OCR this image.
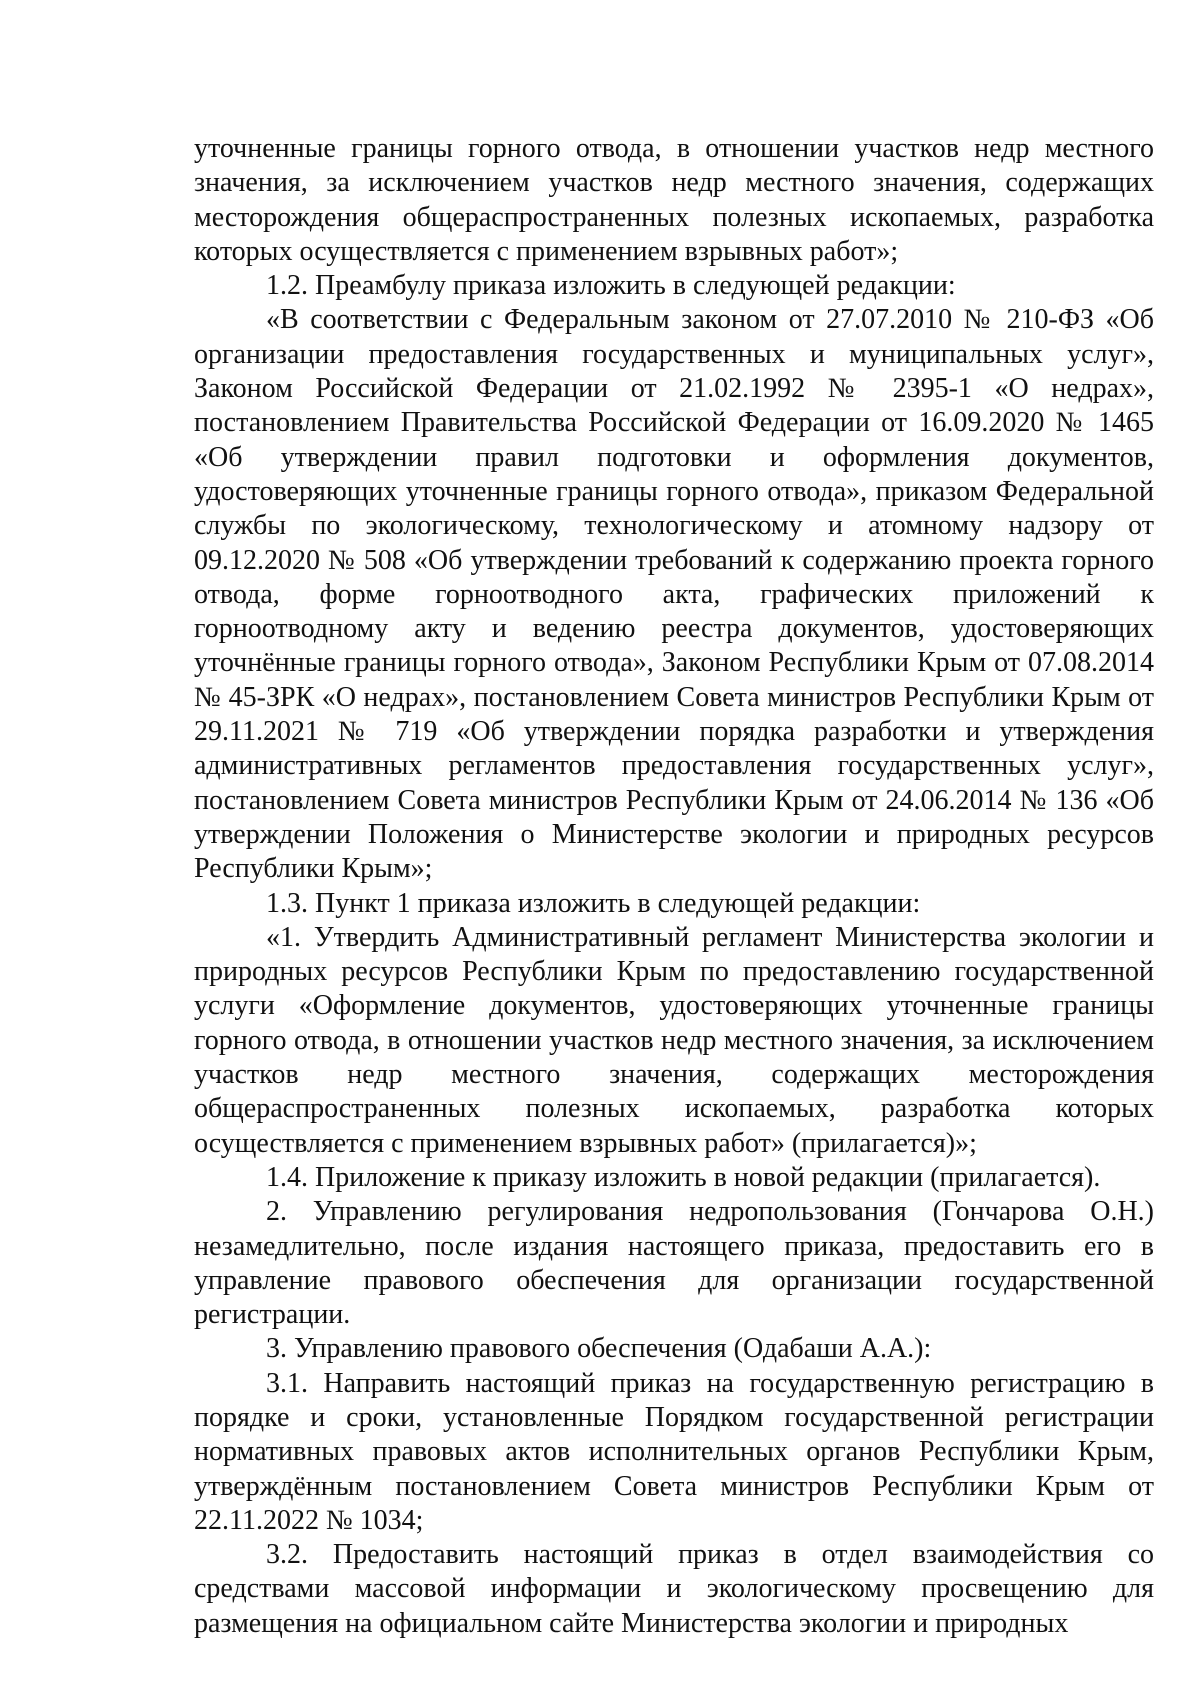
уточненные границы горного отвода, в отношении участков недр местного значения, за исключением участков недр местного значения, содержащих месторождения общераспространенных полезных ископаемых, разработка которых осуществляется с применением взрывных работ»;

1.2. Преамбулу приказа изложить в следующей редакции:

«В соответствии с Федеральным законом от 27.07.2010 № 210-ФЗ «Об организации предоставления государственных и муниципальных услуг», Законом Российской Федерации от 21.02.1992 № 2395-1 «О недрах», постановлением Правительства Российской Федерации от 16.09.2020 № 1465 «Об утверждении правил подготовки и оформления документов, удостоверяющих уточненные границы горного отвода», приказом Федеральной службы по экологическому, технологическому и атомному надзору от 09.12.2020 № 508 «Об утверждении требований к содержанию проекта горного отвода, форме горноотводного акта, графических приложений к горноотводному акту и ведению реестра документов, удостоверяющих уточнённые границы горного отвода», Законом Республики Крым от 07.08.2014 № 45-ЗРК «О недрах», постановлением Совета министров Республики Крым от 29.11.2021 № 719 «Об утверждении порядка разработки и утверждения административных регламентов предоставления государственных услуг», постановлением Совета министров Республики Крым от 24.06.2014 № 136 «Об утверждении Положения о Министерстве экологии и природных ресурсов Республики Крым»;

1.3. Пункт 1 приказа изложить в следующей редакции:

«1. Утвердить Административный регламент Министерства экологии и природных ресурсов Республики Крым по предоставлению государственной услуги «Оформление документов, удостоверяющих уточненные границы горного отвода, в отношении участков недр местного значения, за исключением участков недр местного значения, содержащих месторождения общераспространенных полезных ископаемых, разработка которых осуществляется с применением взрывных работ» (прилагается)»;

1.4. Приложение к приказу изложить в новой редакции (прилагается).

2. Управлению регулирования недропользования (Гончарова О.Н.) незамедлительно, после издания настоящего приказа, предоставить его в управление правового обеспечения для организации государственной регистрации.

3. Управлению правового обеспечения (Одабаши А.А.):

3.1. Направить настоящий приказ на государственную регистрацию в порядке и сроки, установленные Порядком государственной регистрации нормативных правовых актов исполнительных органов Республики Крым, утверждённым постановлением Совета министров Республики Крым от 22.11.2022 № 1034;

3.2. Предоставить настоящий приказ в отдел взаимодействия со средствами массовой информации и экологическому просвещению для размещения на официальном сайте Министерства экологии и природных
